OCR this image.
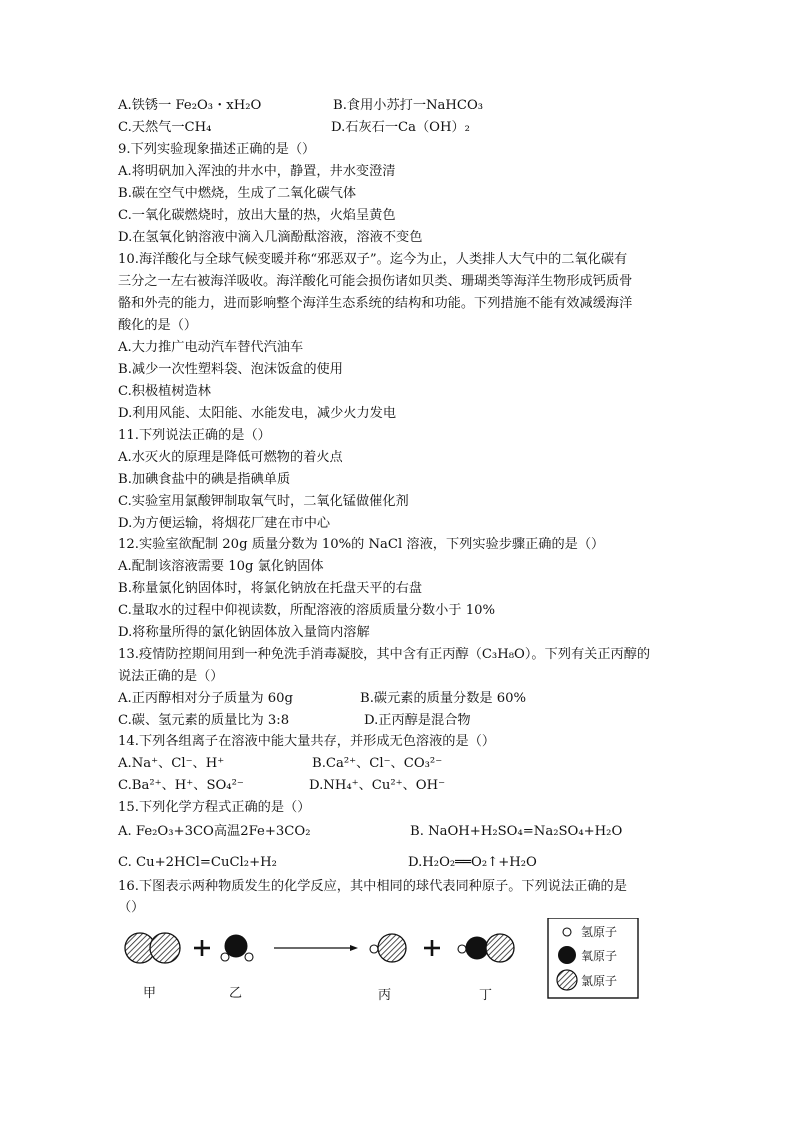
A.铁锈一 Fe₂O₃・xH₂O	B.食用小苏打一NaHCO₃
C.天然气一CH₄	D.石灰石一Ca（OH）₂
9.下列实验现象描述正确的是（）
A.将明矾加入浑浊的井水中，静置，井水变澄清
B.碳在空气中燃烧，生成了二氧化碳气体
C.一氧化碳燃烧时，放出大量的热，火焰呈黄色
D.在氢氧化钠溶液中滴入几滴酚酞溶液，溶液不变色
10.海洋酸化与全球气候变暖并称“邪恶双子”。迄今为止，人类排人大气中的二氧化碳有
三分之一左右被海洋吸收。海洋酸化可能会损伤诸如贝类、珊瑚类等海洋生物形成钙质骨
骼和外壳的能力，进而影响整个海洋生态系统的结构和功能。下列措施不能有效减缓海洋
酸化的是（）
A.大力推广电动汽车替代汽油车
B.减少一次性塑料袋、泡沫饭盒的使用
C.积极植树造林
D.利用风能、太阳能、水能发电，减少火力发电
11.下列说法正确的是（）
A.水灭火的原理是降低可燃物的着火点
B.加碘食盐中的碘是指碘单质
C.实验室用氯酸钾制取氧气时，二氧化锰做催化剂
D.为方便运输，将烟花厂建在市中心
12.实验室欲配制 20g 质量分数为 10%的 NaCl 溶液，下列实验步骤正确的是（）
A.配制该溶液需要 10g 氯化钠固体
B.称量氯化钠固体时，将氯化钠放在托盘天平的右盘
C.量取水的过程中仰视读数，所配溶液的溶质质量分数小于 10%
D.将称量所得的氯化钠固体放入量筒内溶解
13.疫情防控期间用到一种免洗手消毒凝胶，其中含有正丙醇（C₃H₈O）。下列有关正丙醇的
说法正确的是（）
A.正丙醇相对分子质量为 60g	B.碳元素的质量分数是 60%
C.碳、氢元素的质量比为 3:8	D.正丙醇是混合物
14.下列各组离子在溶液中能大量共存，并形成无色溶液的是（）
A.Na⁺、Cl⁻、H⁺	B.Ca²⁺、Cl⁻、CO₃²⁻
C.Ba²⁺、H⁺、SO₄²⁻	D.NH₄⁺、Cu²⁺、OH⁻
15.下列化学方程式正确的是（）
A. Fe₂O₃+3CO高温2Fe+3CO₂	B. NaOH+H₂SO₄=Na₂SO₄+H₂O
C. Cu+2HCl=CuCl₂+H₂	D.H₂O₂══O₂↑+H₂O
16.下图表示两种物质发生的化学反应，其中相同的球代表同种原子。下列说法正确的是
（）
甲	乙	丙	丁
氢原子
氧原子
氯原子
